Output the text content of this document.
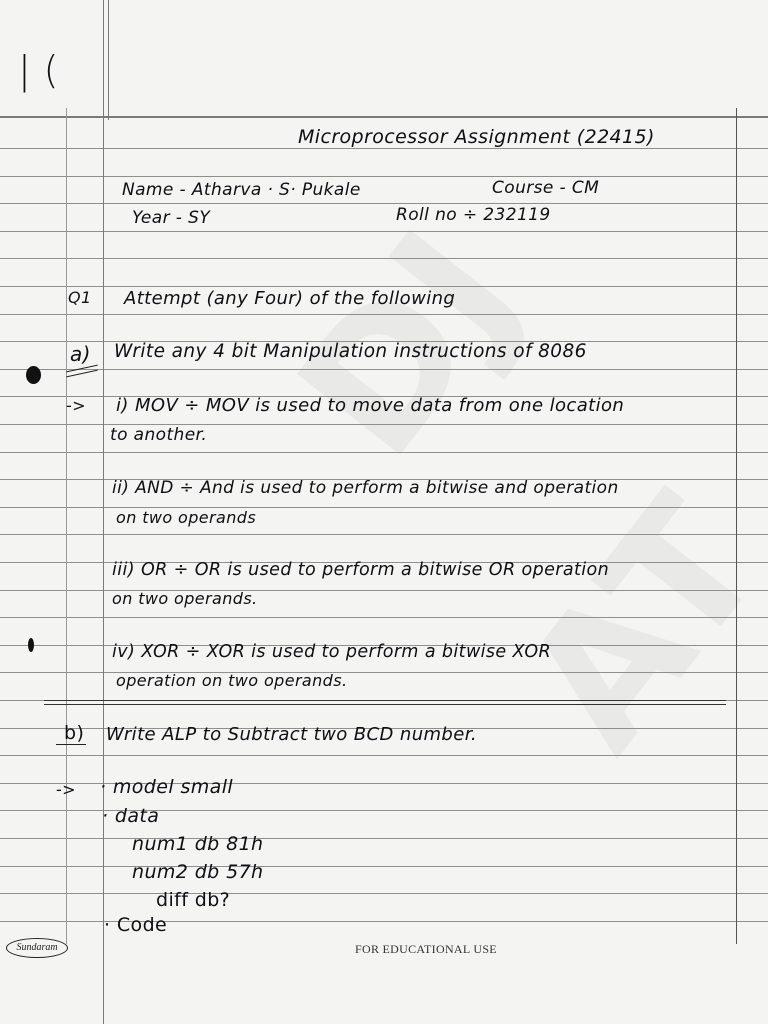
| (
Microprocessor Assignment (22415)
Name - Atharva · S· Pukale	Course - CM
Year - SY	Roll no ÷ 232119
Q1 Attempt (any Four) of the following
a) Write any 4 bit Manipulation instructions of 8086
-> i) MOV ÷ MOV is used to move data from one location
to another.
ii) AND ÷ And is used to perform a bitwise and operation
on two operands
iii) OR ÷ OR is used to perform a bitwise OR operation
on two operands.
iv) XOR ÷ XOR is used to perform a bitwise XOR
operation on two operands.
b) Write ALP to Subtract two BCD number.
-> · model small
· data
num1 db 81h
num2 db 57h
diff db?
· Code
Sundaram	FOR EDUCATIONAL USE
